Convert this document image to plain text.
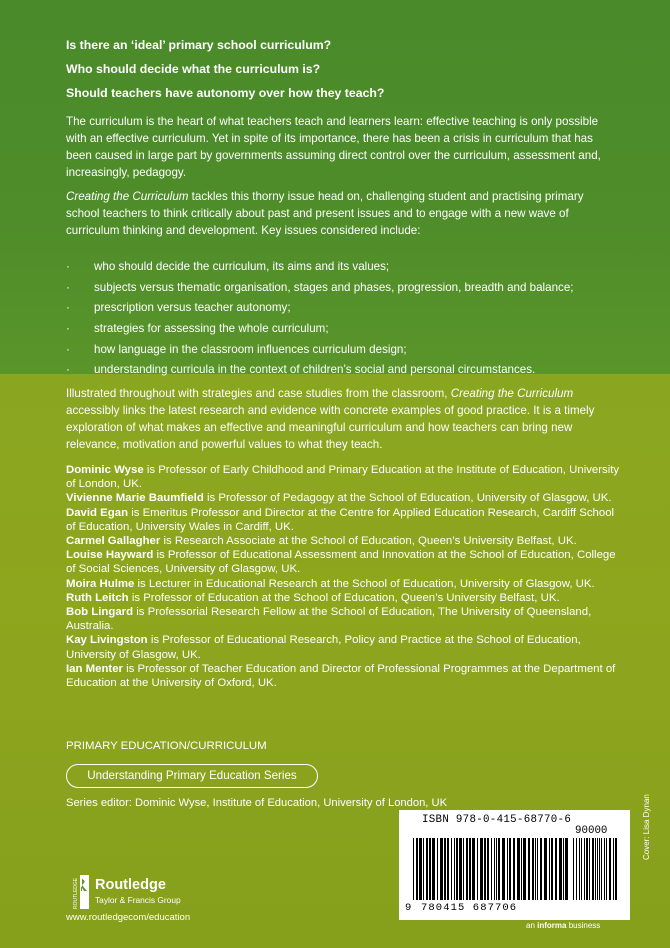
Is there an ‘ideal’ primary school curriculum?
Who should decide what the curriculum is?
Should teachers have autonomy over how they teach?

The curriculum is the heart of what teachers teach and learners learn: effective teaching is only possible with an effective curriculum. Yet in spite of its importance, there has been a crisis in curriculum that has been caused in large part by governments assuming direct control over the curriculum, assessment and, increasingly, pedagogy.

Creating the Curriculum tackles this thorny issue head on, challenging student and practising primary school teachers to think critically about past and present issues and to engage with a new wave of curriculum thinking and development. Key issues considered include:

· who should decide the curriculum, its aims and its values;
· subjects versus thematic organisation, stages and phases, progression, breadth and balance;
· prescription versus teacher autonomy;
· strategies for assessing the whole curriculum;
· how language in the classroom influences curriculum design;
· understanding curricula in the context of children’s social and personal circumstances.

Illustrated throughout with strategies and case studies from the classroom, Creating the Curriculum accessibly links the latest research and evidence with concrete examples of good practice. It is a timely exploration of what makes an effective and meaningful curriculum and how teachers can bring new relevance, motivation and powerful values to what they teach.

Dominic Wyse is Professor of Early Childhood and Primary Education at the Institute of Education, University of London, UK.

Vivienne Marie Baumfield is Professor of Pedagogy at the School of Education, University of Glasgow, UK.

David Egan is Emeritus Professor and Director at the Centre for Applied Education Research, Cardiff School of Education, University Wales in Cardiff, UK.

Carmel Gallagher is Research Associate at the School of Education, Queen’s University Belfast, UK.

Louise Hayward is Professor of Educational Assessment and Innovation at the School of Education, College of Social Sciences, University of Glasgow, UK.

Moira Hulme is Lecturer in Educational Research at the School of Education, University of Glasgow, UK.

Ruth Leitch is Professor of Education at the School of Education, Queen’s University Belfast, UK.

Bob Lingard is Professorial Research Fellow at the School of Education, The University of Queensland, Australia.

Kay Livingston is Professor of Educational Research, Policy and Practice at the School of Education, University of Glasgow, UK.

Ian Menter is Professor of Teacher Education and Director of Professional Programmes at the Department of Education at the University of Oxford, UK.

PRIMARY EDUCATION/CURRICULUM
Understanding Primary Education Series
Series editor: Dominic Wyse, Institute of Education, University of London, UK
ISBN 978-0-415-68770-6
90000
9 780415 687706
an informa business
Cover: Lisa Dynan
ROUTLEDGE Routledge
Taylor & Francis Group
www.routledgecom/education
